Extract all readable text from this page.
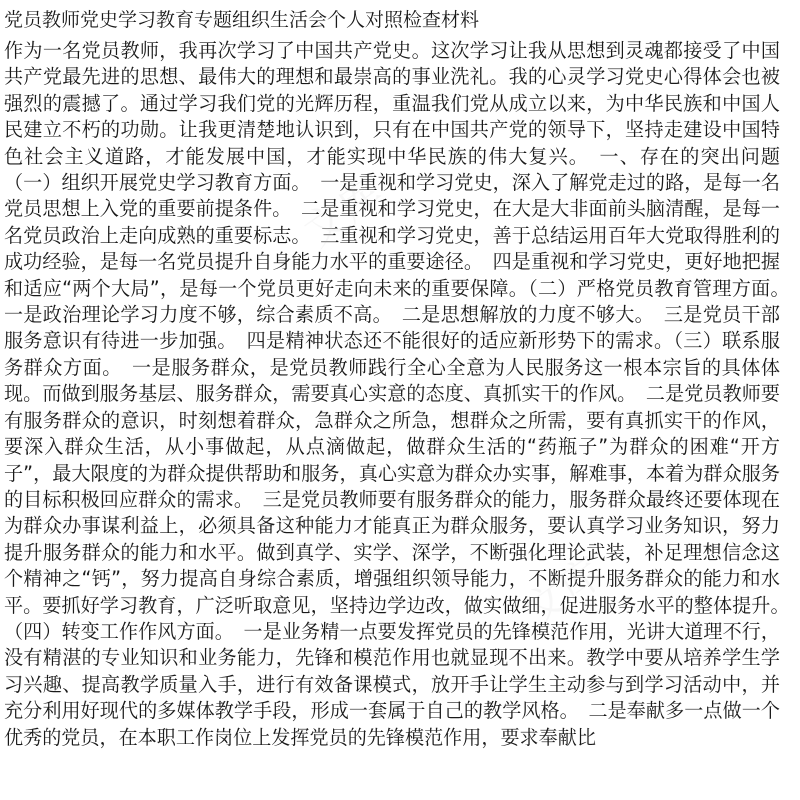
党员教师党史学习教育专题组织生活会个人对照检查材料

作为一名党员教师，我再次学习了中国共产党史。这次学习让我从思想到灵魂都接受了中国共产党最先进的思想、最伟大的理想和最崇高的事业洗礼。我的心灵学习党史心得体会也被强烈的震撼了。通过学习我们党的光辉历程，重温我们党从成立以来，为中华民族和中国人民建立不朽的功勋。让我更清楚地认识到，只有在中国共产党的领导下，坚持走建设中国特色社会主义道路，才能发展中国，才能实现中华民族的伟大复兴。　一、存在的突出问题（一）组织开展党史学习教育方面。　一是重视和学习党史，深入了解党走过的路，是每一名党员思想上入党的重要前提条件。　二是重视和学习党史，在大是大非面前头脑清醒，是每一名党员政治上走向成熟的重要标志。　三重视和学习党史，善于总结运用百年大党取得胜利的成功经验，是每一名党员提升自身能力水平的重要途径。　四是重视和学习党史，更好地把握和适应“两个大局”，是每一个党员更好走向未来的重要保障。（二）严格党员教育管理方面。　一是政治理论学习力度不够，综合素质不高。　二是思想解放的力度不够大。　三是党员干部服务意识有待进一步加强。　四是精神状态还不能很好的适应新形势下的需求。（三）联系服务群众方面。　一是服务群众，是党员教师践行全心全意为人民服务这一根本宗旨的具体体现。而做到服务基层、服务群众，需要真心实意的态度、真抓实干的作风。　二是党员教师要有服务群众的意识，时刻想着群众，急群众之所急，想群众之所需，要有真抓实干的作风，要深入群众生活，从小事做起，从点滴做起，做群众生活的“药瓶子”为群众的困难“开方子”，最大限度的为群众提供帮助和服务，真心实意为群众办实事，解难事，本着为群众服务的目标积极回应群众的需求。　三是党员教师要有服务群众的能力，服务群众最终还要体现在为群众办事谋利益上，必须具备这种能力才能真正为群众服务，要认真学习业务知识，努力提升服务群众的能力和水平。做到真学、实学、深学，不断强化理论武装，补足理想信念这个精神之“钙”，努力提高自身综合素质，增强组织领导能力，不断提升服务群众的能力和水平。要抓好学习教育，广泛听取意见，坚持边学边改，做实做细，促进服务水平的整体提升。　（四）转变工作作风方面。　一是业务精一点要发挥党员的先锋模范作用，光讲大道理不行，没有精湛的专业知识和业务能力，先锋和模范作用也就显现不出来。教学中要从培养学生学习兴趣、提高教学质量入手，进行有效备课模式，放开手让学生主动参与到学习活动中，并充分利用好现代的多媒体教学手段，形成一套属于自己的教学风格。　二是奉献多一点做一个优秀的党员，在本职工作岗位上发挥党员的先锋模范作用，要求奉献比

文库
文库
